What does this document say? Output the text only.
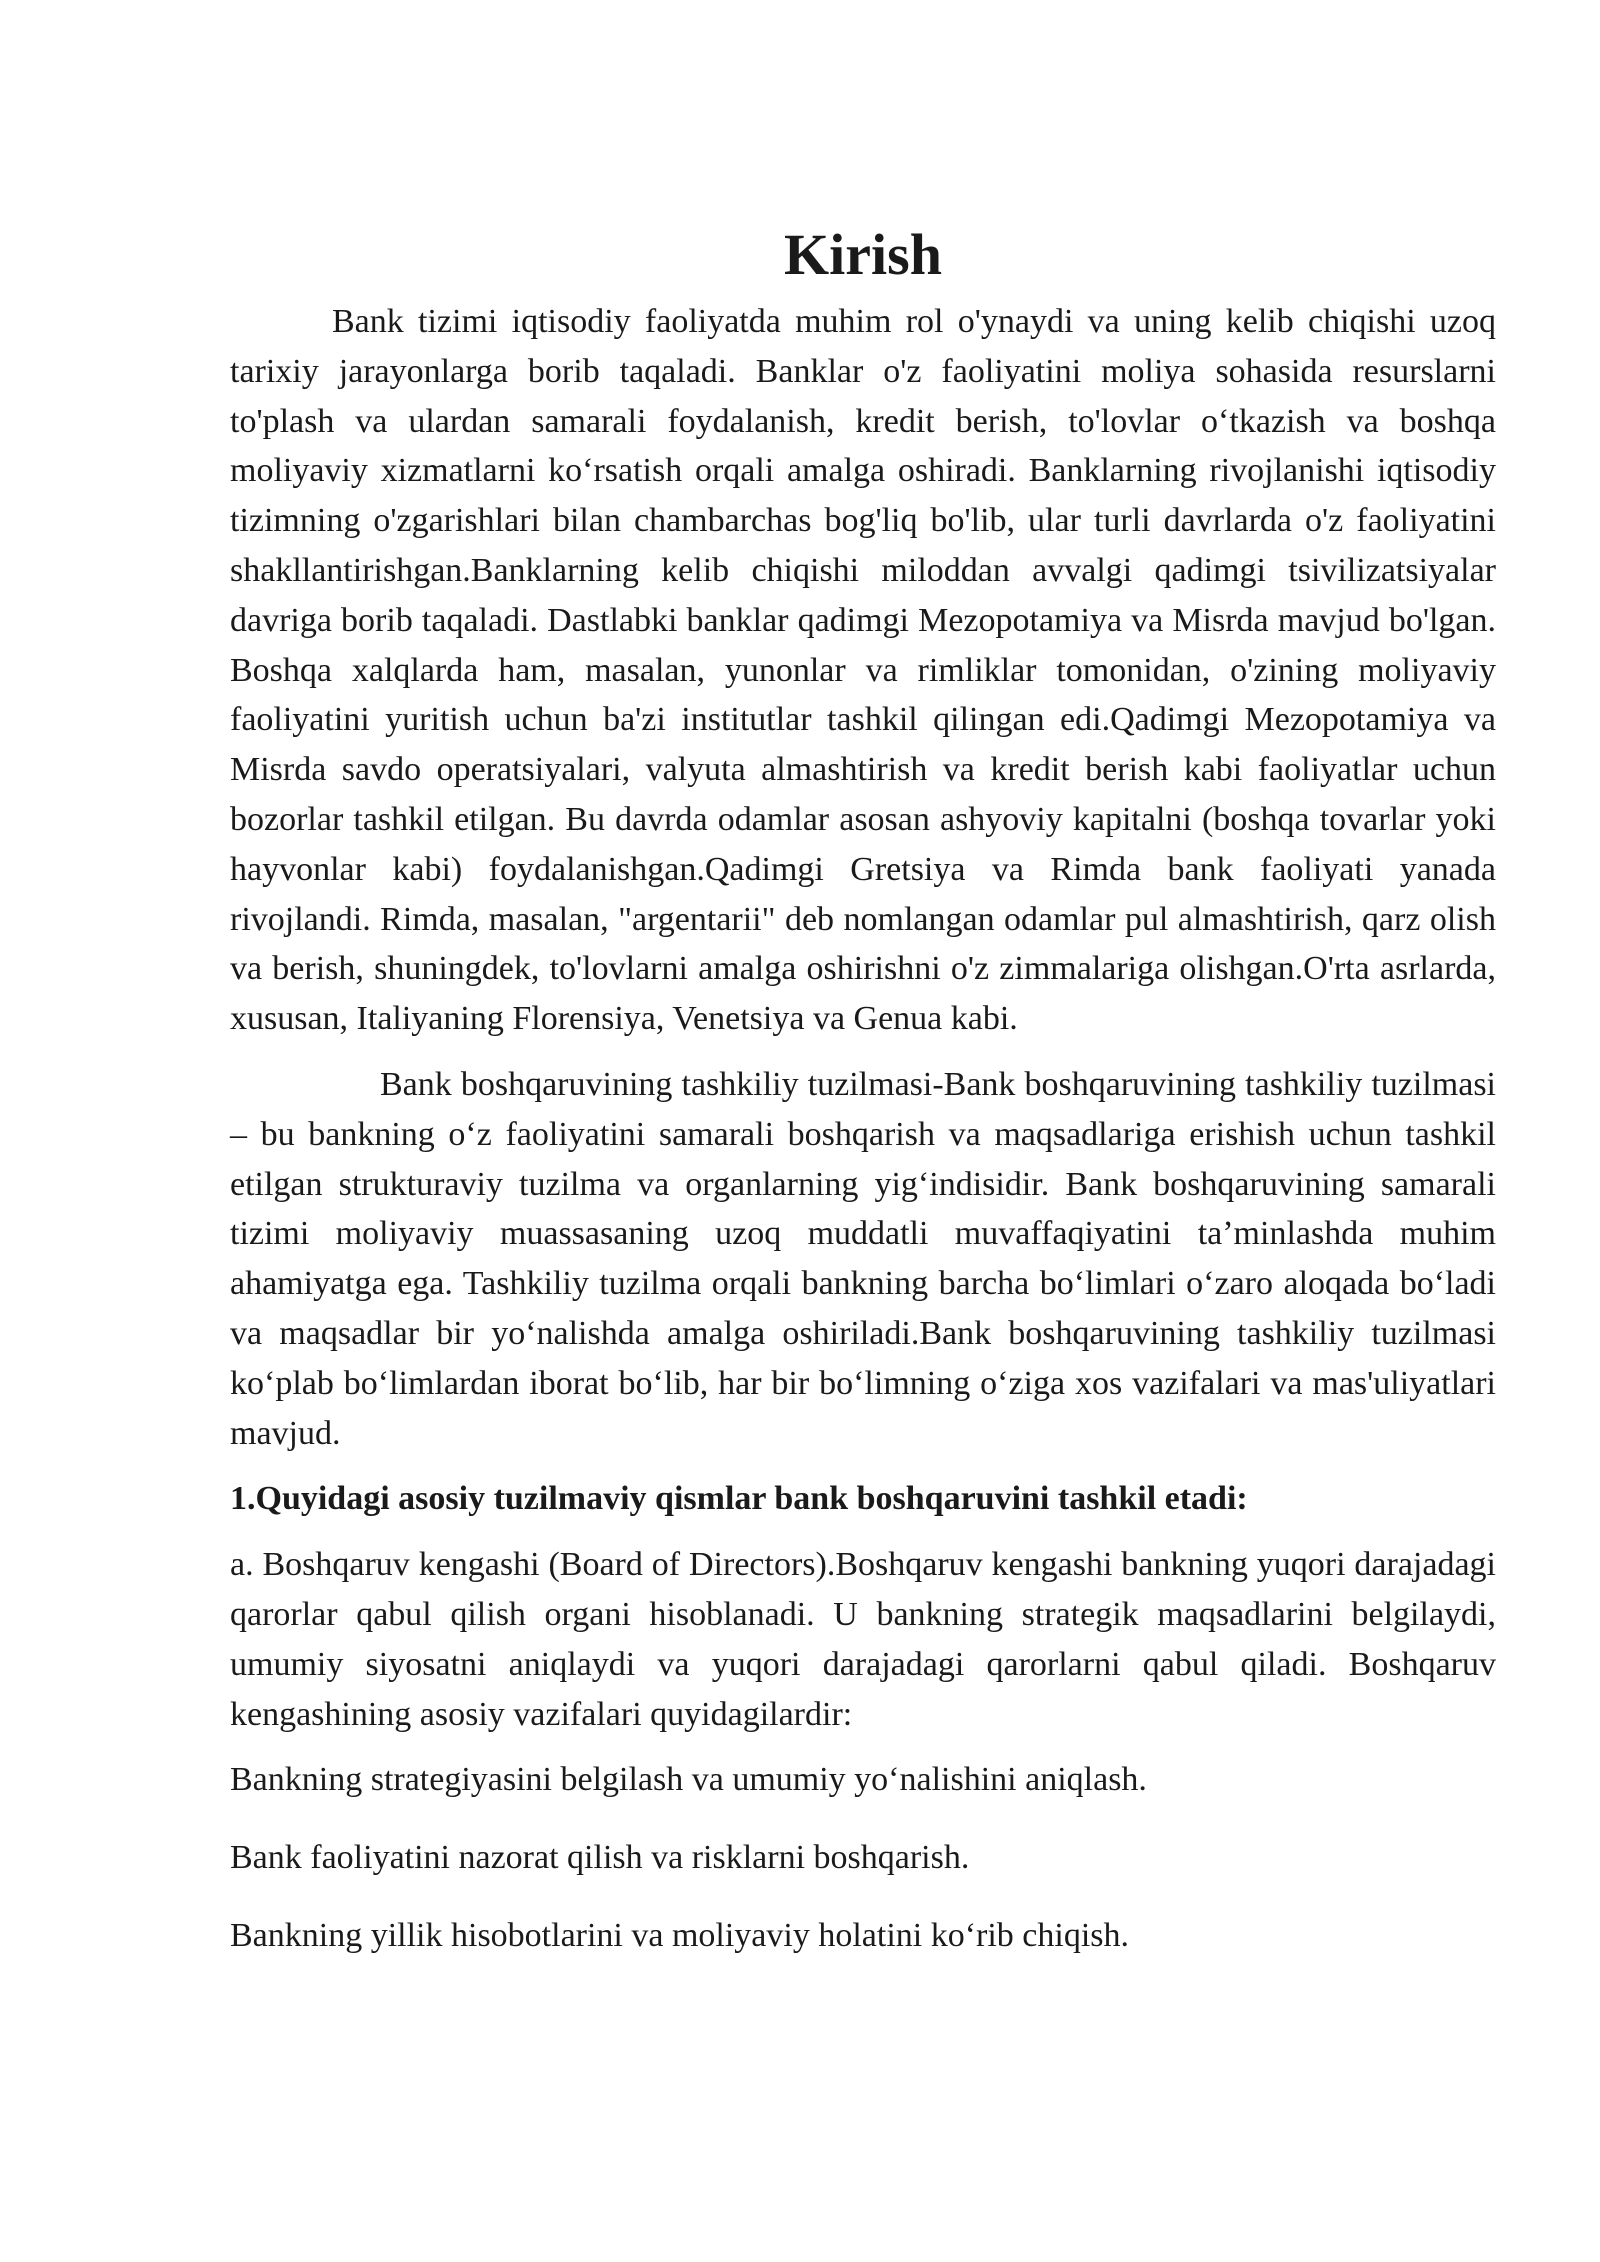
Kirish

Bank tizimi iqtisodiy faoliyatda muhim rol o'ynaydi va uning kelib chiqishi uzoq tarixiy jarayonlarga borib taqaladi. Banklar o'z faoliyatini moliya sohasida resurslarni to'plash va ulardan samarali foydalanish, kredit berish, to'lovlar oʻtkazish va boshqa moliyaviy xizmatlarni koʻrsatish orqali amalga oshiradi. Banklarning rivojlanishi iqtisodiy tizimning o'zgarishlari bilan chambarchas bog'liq bo'lib, ular turli davrlarda o'z faoliyatini shakllantirishgan.Banklarning kelib chiqishi miloddan avvalgi qadimgi tsivilizatsiyalar davriga borib taqaladi. Dastlabki banklar qadimgi Mezopotamiya va Misrda mavjud bo'lgan. Boshqa xalqlarda ham, masalan, yunonlar va rimliklar tomonidan, o'zining moliyaviy faoliyatini yuritish uchun ba'zi institutlar tashkil qilingan edi.Qadimgi Mezopotamiya va Misrda savdo operatsiyalari, valyuta almashtirish va kredit berish kabi faoliyatlar uchun bozorlar tashkil etilgan. Bu davrda odamlar asosan ashyoviy kapitalni (boshqa tovarlar yoki hayvonlar kabi) foydalanishgan.Qadimgi Gretsiya va Rimda bank faoliyati yanada rivojlandi. Rimda, masalan, "argentarii" deb nomlangan odamlar pul almashtirish, qarz olish va berish, shuningdek, to'lovlarni amalga oshirishni o'z zimmalariga olishgan.O'rta asrlarda, xususan, Italiyaning Florensiya, Venetsiya va Genua kabi.

Bank boshqaruvining tashkiliy tuzilmasi-Bank boshqaruvining tashkiliy tuzilmasi – bu bankning oʻz faoliyatini samarali boshqarish va maqsadlariga erishish uchun tashkil etilgan strukturaviy tuzilma va organlarning yigʻindisidir. Bank boshqaruvining samarali tizimi moliyaviy muassasaning uzoq muddatli muvaffaqiyatini taʼminlashda muhim ahamiyatga ega. Tashkiliy tuzilma orqali bankning barcha boʻlimlari oʻzaro aloqada boʻladi va maqsadlar bir yoʻnalishda amalga oshiriladi.Bank boshqaruvining tashkiliy tuzilmasi koʻplab boʻlimlardan iborat boʻlib, har bir boʻlimning oʻziga xos vazifalari va mas'uliyatlari mavjud.

1.Quyidagi asosiy tuzilmaviy qismlar bank boshqaruvini tashkil etadi:

a. Boshqaruv kengashi (Board of Directors).Boshqaruv kengashi bankning yuqori darajadagi qarorlar qabul qilish organi hisoblanadi. U bankning strategik maqsadlarini belgilaydi, umumiy siyosatni aniqlaydi va yuqori darajadagi qarorlarni qabul qiladi. Boshqaruv kengashining asosiy vazifalari quyidagilardir:

Bankning strategiyasini belgilash va umumiy yoʻnalishini aniqlash.

Bank faoliyatini nazorat qilish va risklarni boshqarish.

Bankning yillik hisobotlarini va moliyaviy holatini koʻrib chiqish.
